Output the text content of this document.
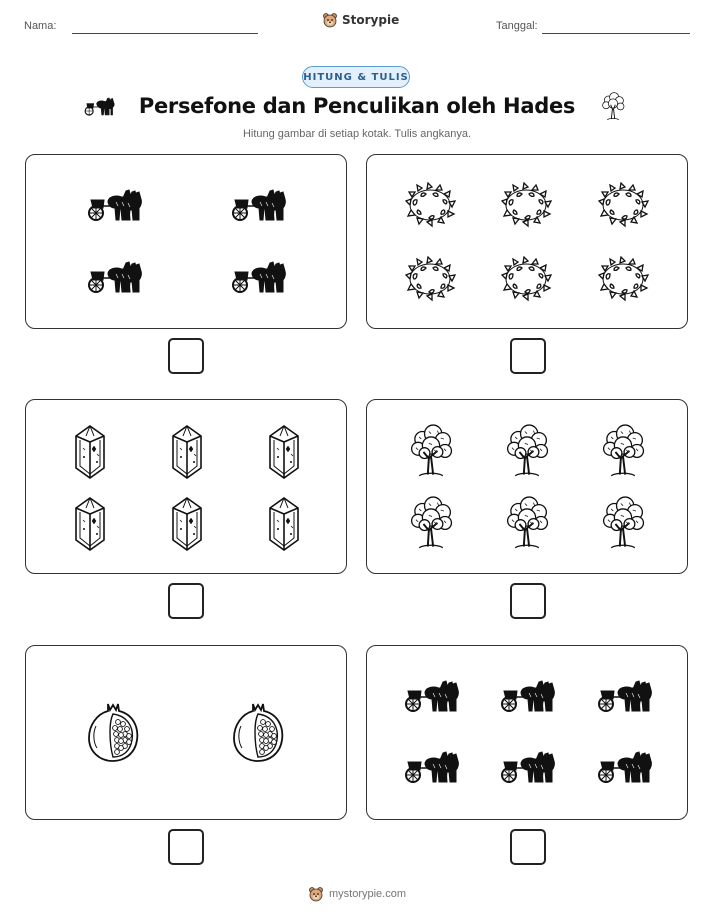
Nama:	Storypie	Tanggal:
HITUNG & TULIS
Persefone dan Penculikan oleh Hades
Hitung gambar di setiap kotak. Tulis angkanya.
mystorypie.com
